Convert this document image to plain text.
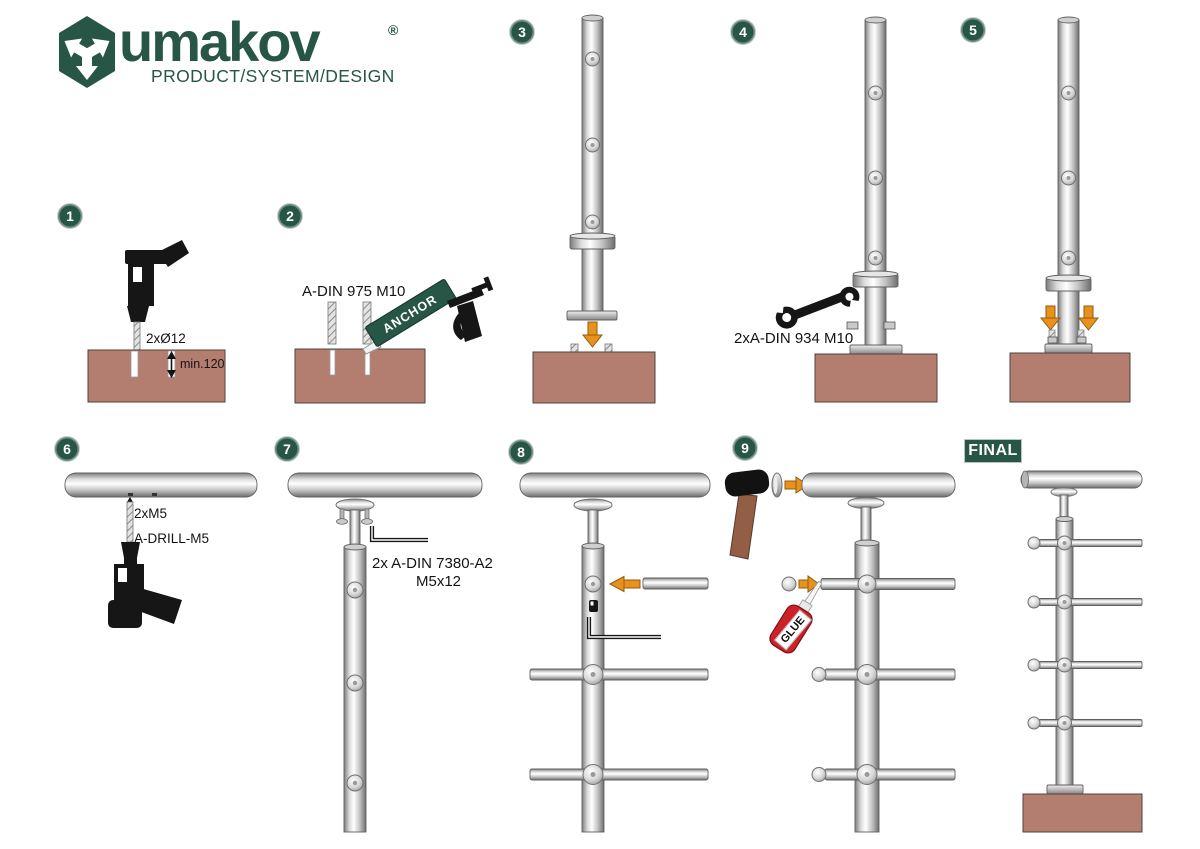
umakov	®
PRODUCT/SYSTEM/DESIGN
1	2
3	4	5
6	7	8	9	FINAL
2xØ12
min.120
A-DIN 975 M10
ANCHOR
2xA-DIN 934 M10
2xM5
A-DRILL-M5
2x A-DIN 7380-A2
M5x12
GLUE
